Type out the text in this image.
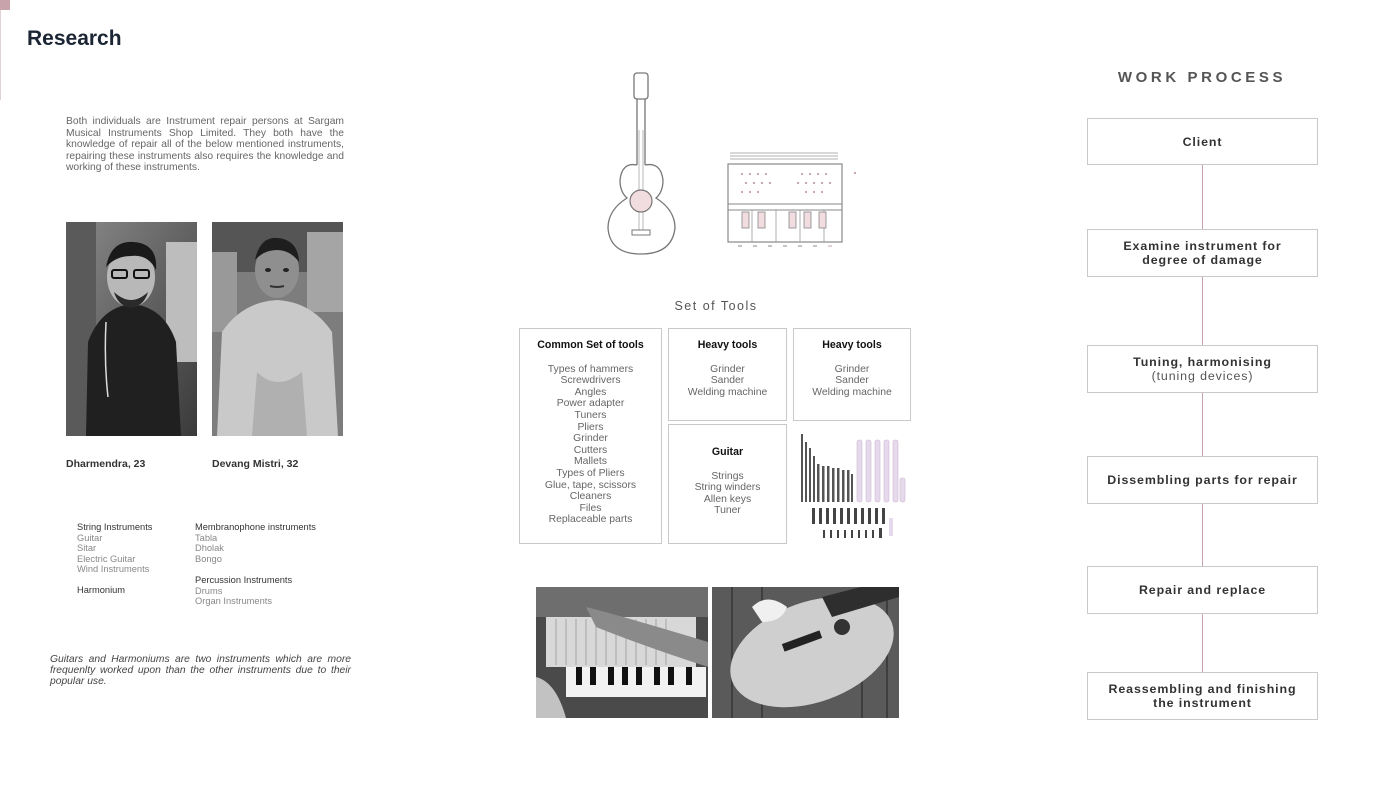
Research

Both individuals are Instrument repair persons at Sargam Musical Instruments Shop Limited. They both have the knowledge of repair all of the below mentioned instruments, repairing these instruments also requires the knowledge and working of these instruments.

Dharmendra, 23	Devang Mistri, 32
String Instruments
Guitar
Sitar
Electric Guitar
Wind Instruments
Membranophone instruments
Tabla
Dholak
Bongo
Percussion Instruments
Drums
Organ Instruments
Harmonium

Guitars and Harmoniums are two instruments which are more frequenlty worked upon than the other instruments due to their popular use.

Set of Tools
Common Set of tools
Types of hammers
Screwdrivers
Angles
Power adapter
Tuners
Pliers
Grinder
Cutters
Mallets
Types of Pliers
Glue, tape, scissors
Cleaners
Files
Replaceable parts
Heavy tools
Grinder
Sander
Welding machine
Heavy tools
Grinder
Sander
Welding machine
Guitar
Strings
String winders
Allen keys
Tuner
WORK PROCESS
Client
Examine instrument for
degree of damage
Tuning, harmonising
(tuning devices)
Dissembling parts for repair
Repair and replace
Reassembling and finishing
the instrument
